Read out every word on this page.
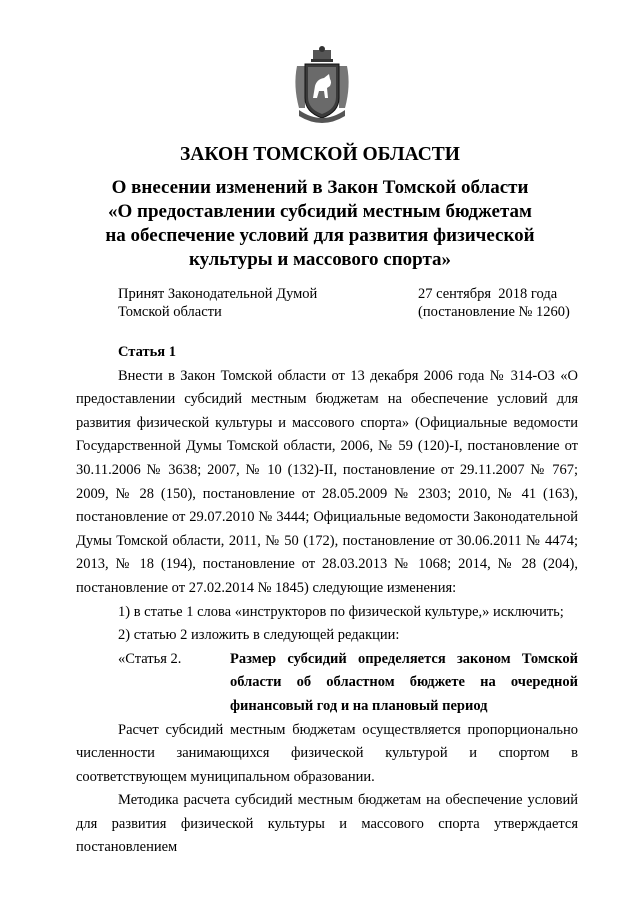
ЗАКОН ТОМСКОЙ ОБЛАСТИ
О внесении изменений в Закон Томской области
«О предоставлении субсидий местным бюджетам
на обеспечение условий для развития физической
культуры и массового спорта»
Принят Законодательной Думой
Томской области
27 сентября  2018 года
(постановление № 1260)
Статья 1

Внести в Закон Томской области от 13 декабря 2006 года № 314-ОЗ «О предоставлении субсидий местным бюджетам на обеспечение условий для развития физической культуры и массового спорта» (Официальные ведомости Государственной Думы Томской области, 2006, № 59 (120)-I, постановление от 30.11.2006 № 3638; 2007, № 10 (132)-II, постановление от 29.11.2007 № 767; 2009, № 28 (150), постановление от 28.05.2009 № 2303; 2010, № 41 (163), постановление от 29.07.2010 № 3444; Официальные ведомости Законодательной Думы Томской области, 2011, № 50 (172), постановление от 30.06.2011 № 4474; 2013, № 18 (194), постановление от 28.03.2013 № 1068; 2014, № 28 (204), постановление от 27.02.2014 № 1845) следующие изменения:

1) в статье 1 слова «инструкторов по физической культуре,» исключить;

2) статью 2 изложить в следующей редакции:

«Статья 2.	Размер субсидий определяется законом Томской области об областном бюджете на очередной финансовый год и на плановый период

Расчет субсидий местным бюджетам осуществляется пропорционально численности занимающихся физической культурой и спортом в соответствующем муниципальном образовании.

Методика расчета субсидий местным бюджетам на обеспечение условий для развития физической культуры и массового спорта утверждается постановлением
